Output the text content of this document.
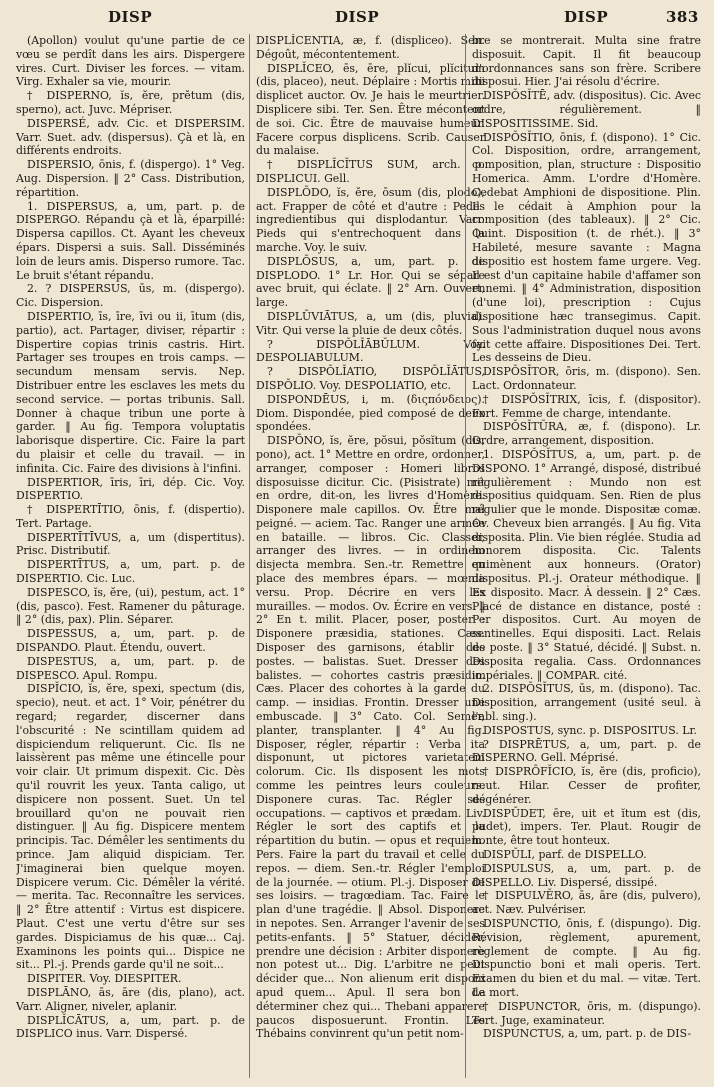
DISP	DISP	DISP	383

(Apollon) voulut qu'une partie de ce vœu se perdît dans les airs. Dispergere vires. Curt. Diviser les forces. — vitam. Virg. Exhaler sa vie, mourir.

† DISPERNO, ĭs, ĕre, prĕtum (dis, sperno), act. Juvc. Mépriser.

DISPERSÉ, adv. Cic. et DISPERSIM. Varr. Suet. adv. (dispersus). Çà et là, en différents endroits.

DISPERSIO, ōnis, f. (dispergo). 1° Veg. Aug. Dispersion. ‖ 2° Cass. Distribution, répartition.

1. DISPERSUS, a, um, part. p. de DISPERGO. Répandu çà et là, éparpillé: Dispersa capillos. Ct. Ayant les cheveux épars. Dispersi a suis. Sall. Disséminés loin de leurs amis. Disperso rumore. Tac. Le bruit s'étant répandu.

2. ? DISPERSUS, ūs, m. (dispergo). Cic. Dispersion.

DISPERTIO, īs, īre, īvi ou ii, ītum (dis, partio), act. Partager, diviser, répartir : Dispertire copias trinis castris. Hirt. Partager ses troupes en trois camps. — secundum mensam servis. Nep. Distribuer entre les esclaves les mets du second service. — portas tribunis. Sall. Donner à chaque tribun une porte à garder. ‖ Au fig. Tempora voluptatis laborisque dispertire. Cic. Faire la part du plaisir et celle du travail. — in infinita. Cic. Faire des divisions à l'infini.

DISPERTIOR, īris, īri, dép. Cic. Voy. DISPERTIO.

† DISPERTĪTIO, ōnis, f. (dispertio). Tert. Partage.

DISPERTĪTĪVUS, a, um (dispertitus). Prisc. Distributif.

DISPERTĪTUS, a, um, part. p. de DISPERTIO. Cic. Luc.

DISPESCO, ĭs, ĕre, (ui), pestum, act. 1° (dis, pasco). Fest. Ramener du pâturage. ‖ 2° (dis, pax). Plin. Séparer.

DISPESSUS, a, um, part. p. de DISPANDO. Plaut. Étendu, ouvert.

DISPESTUS, a, um, part. p. de DISPESCO. Apul. Rompu.

DISPĬCIO, ĭs, ĕre, spexi, spectum (dis, specio), neut. et act. 1° Voir, pénétrer du regard; regarder, discerner dans l'obscurité : Ne scintillam quidem ad dispiciendum reliquerunt. Cic. Ils ne laissèrent pas même une étincelle pour voir clair. Ut primum dispexit. Cic. Dès qu'il rouvrit les yeux. Tanta caligo, ut dispicere non possent. Suet. Un tel brouillard qu'on ne pouvait rien distinguer. ‖ Au fig. Dispicere mentem principis. Tac. Démêler les sentiments du prince. Jam aliquid dispiciam. Ter. J'imaginerai bien quelque moyen. Dispicere verum. Cic. Démêler la vérité. — merita. Tac. Reconnaître les services. ‖ 2° Être attentif : Virtus est dispicere. Plaut. C'est une vertu d'être sur ses gardes. Dispiciamus de his quæ... Caj. Examinons les points qui... Dispice ne sit... Pl.-j. Prends garde qu'il ne soit...

DISPITER. Voy. DIESPITER.

DISPLĀNO, ās, āre (dis, plano), act. Varr. Aligner, niveler, aplanir.

DISPLĬCĀTUS, a, um, part. p. de DISPLICO inus. Varr. Dispersé.

DISPLĬCENTIA, æ, f. (displiceo). Sen. Dégoût, mécontentement.

DISPLĬCEO, ēs, ēre, plĭcui, plĭcitum (dis, placeo), neut. Déplaire : Mortis mihi displicet auctor. Ov. Je hais le meurtrier. Displicere sibi. Ter. Sen. Être mécontent de soi. Cic. Être de mauvaise humeur. Facere corpus displicens. Scrib. Causer du malaise.

† DISPLĬCĬTUS SUM, arch. p. DISPLICUI. Gell.

DISPLŌDO, ĭs, ĕre, ōsum (dis, plodo), act. Frapper de côté et d'autre : Pedes ingredientibus qui displodantur. Varr. Pieds qui s'entrechoquent dans la marche. Voy. le suiv.

DISPLŌSUS, a, um, part. p. de DISPLODO. 1° Lr. Hor. Qui se sépare avec bruit, qui éclate. ‖ 2° Arn. Ouvert, large.

DISPLŪVIĀTUS, a, um (dis, pluvia). Vitr. Qui verse la pluie de deux côtés.

? DISPŎLĬĀBŬLUM. Voy. DESPOLIABULUM.

? DISPŎLĬATIO, DISPŎLĬĀTUS, DISPŎLIO. Voy. DESPOLIATIO, etc.

DISPONDĒUS, i, m. (διςπόνδειος). Diom. Dispondée, pied composé de deux spondées.

DISPŌNO, ĭs, ĕre, pŏsui, pŏsĭtum (dis, pono), act. 1° Mettre en ordre, ordonner, arranger, composer : Homeri libros disposuisse dicitur. Cic. (Pisistrate) mit en ordre, dit-on, les livres d'Homère. Disponere male capillos. Ov. Être mal peigné. — aciem. Tac. Ranger une armée en bataille. — libros. Cic. Classer, arranger des livres. — in ordinem disjecta membra. Sen.-tr. Remettre en place des membres épars. — mœnia versu. Prop. Décrire en vers les murailles. — modos. Ov. Écrire en vers. ‖ 2° En t. milit. Placer, poser, poster : Disponere præsidia, stationes. Cæs. Disposer des garnisons, établir des postes. — balistas. Suet. Dresser des balistes. — cohortes castris præsidio. Cæs. Placer des cohortes à la garde du camp. — insidias. Frontin. Dresser une embuscade. ‖ 3° Cato. Col. Semer, planter, transplanter. ‖ 4° Au fig. Disposer, régler, répartir : Verba ita disponunt, ut pictores varietatem colorum. Cic. Ils disposent les mots comme les peintres leurs couleurs. Disponere curas. Tac. Régler ses occupations. — captivos et prædam. Liv. Régler le sort des captifs et la répartition du butin. — opus et requiem. Pers. Faire la part du travail et celle du repos. — diem. Sen.-tr. Régler l'emploi de la journée. — otium. Pl.-j. Disposer de ses loisirs. — tragœdiam. Tac. Faire le plan d'une tragédie. ‖ Absol. Disponere in nepotes. Sen. Arranger l'avenir de ses petits-enfants. ‖ 5° Statuer, décider, prendre une décision : Arbiter disponere non potest ut... Dig. L'arbitre ne peut décider que... Non alienum erit disponi apud quem... Apul. Il sera bon de déterminer chez qui... Thebani apparere paucos disposuerunt. Frontin. Les Thébains convinrent qu'un petit nom-

bre se montrerait. Multa sine fratre disposuit. Capit. Il fit beaucoup d'ordonnances sans son frère. Scribere disposui. Hier. J'ai résolu d'écrire.

DISPŎSĬTĒ, adv. (dispositus). Cic. Avec ordre, régulièrement. ‖ DISPOSITISSIME. Sid.

DISPŎSĬTIO, ōnis, f. (dispono). 1° Cic. Col. Disposition, ordre, arrangement, composition, plan, structure : Dispositio Homerica. Amm. L'ordre d'Homère. Cedebat Amphioni de dispositione. Plin. Il le cédait à Amphion pour la composition (des tableaux). ‖ 2° Cic. Quint. Disposition (t. de rhét.). ‖ 3° Habileté, mesure savante : Magna dispositio est hostem fame urgere. Veg. Il est d'un capitaine habile d'affamer son ennemi. ‖ 4° Administration, disposition (d'une loi), prescription : Cujus dispositione hæc transegimus. Capit. Sous l'administration duquel nous avons fait cette affaire. Dispositiones Dei. Tert. Les desseins de Dieu.

DISPŎSĬTOR, ōris, m. (dispono). Sen. Lact. Ordonnateur.

† DISPŎSĬTRIX, īcis, f. (dispositor). Fort. Femme de charge, intendante.

DISPŎSĬTŪRA, æ, f. (dispono). Lr. Ordre, arrangement, disposition.

1. DISPŎSĬTUS, a, um, part. p. de DISPONO. 1° Arrangé, disposé, distribué régulièrement : Mundo non est dispositius quidquam. Sen. Rien de plus régulier que le monde. Dispositæ comæ. Ov. Cheveux bien arrangés. ‖ Au fig. Vita disposita. Plin. Vie bien réglée. Studia ad honorem disposita. Cic. Talents quimènent aux honneurs. (Orator) dispositus. Pl.-j. Orateur méthodique. ‖ Ex disposito. Macr. À dessein. ‖ 2° Cæs. Placé de distance en distance, posté : Per dispositos. Curt. Au moyen de sentinelles. Equi dispositi. Lact. Relais de poste. ‖ 3° Statué, décidé. ‖ Subst. n. Disposita regalia. Cass. Ordonnances impériales. ‖ COMPAR. cité.

2. DISPŎSĬTUS, ūs, m. (dispono). Tac. Disposition, arrangement (usité seul. à l'abl. sing.).

DISPOSTUS, sync. p. DISPOSITUS. Lr.

? DISPRĒTUS, a, um, part. p. de DISPERNO. Gell. Méprisé.

† DISPRŌFĬCIO, ĭs, ĕre (dis, proficio), neut. Hilar. Cesser de profiter, dégénérer.

DISPŬDET, ēre, uit et ĭtum est (dis, pudet), impers. Ter. Plaut. Rougir de honte, être tout honteux.

DISPŬLI, parf. de DISPELLO.

DISPULSUS, a, um, part. p. de DISPELLO. Liv. Dispersé, dissipé.

† DISPULVĔRO, ās, āre (dis, pulvero), act. Næv. Pulvériser.

DISPUNCTIO, ōnis, f. (dispungo). Dig. Révision, règlement, apurement, règlement de compte. ‖ Au fig. Dispunctio boni et mali operis. Tert. Examen du bien et du mal. — vitæ. Tert. La mort.

† DISPUNCTOR, ōris, m. (dispungo). Tert. Juge, examinateur.

DISPUNCTUS, a, um, part. p. de DIS-
